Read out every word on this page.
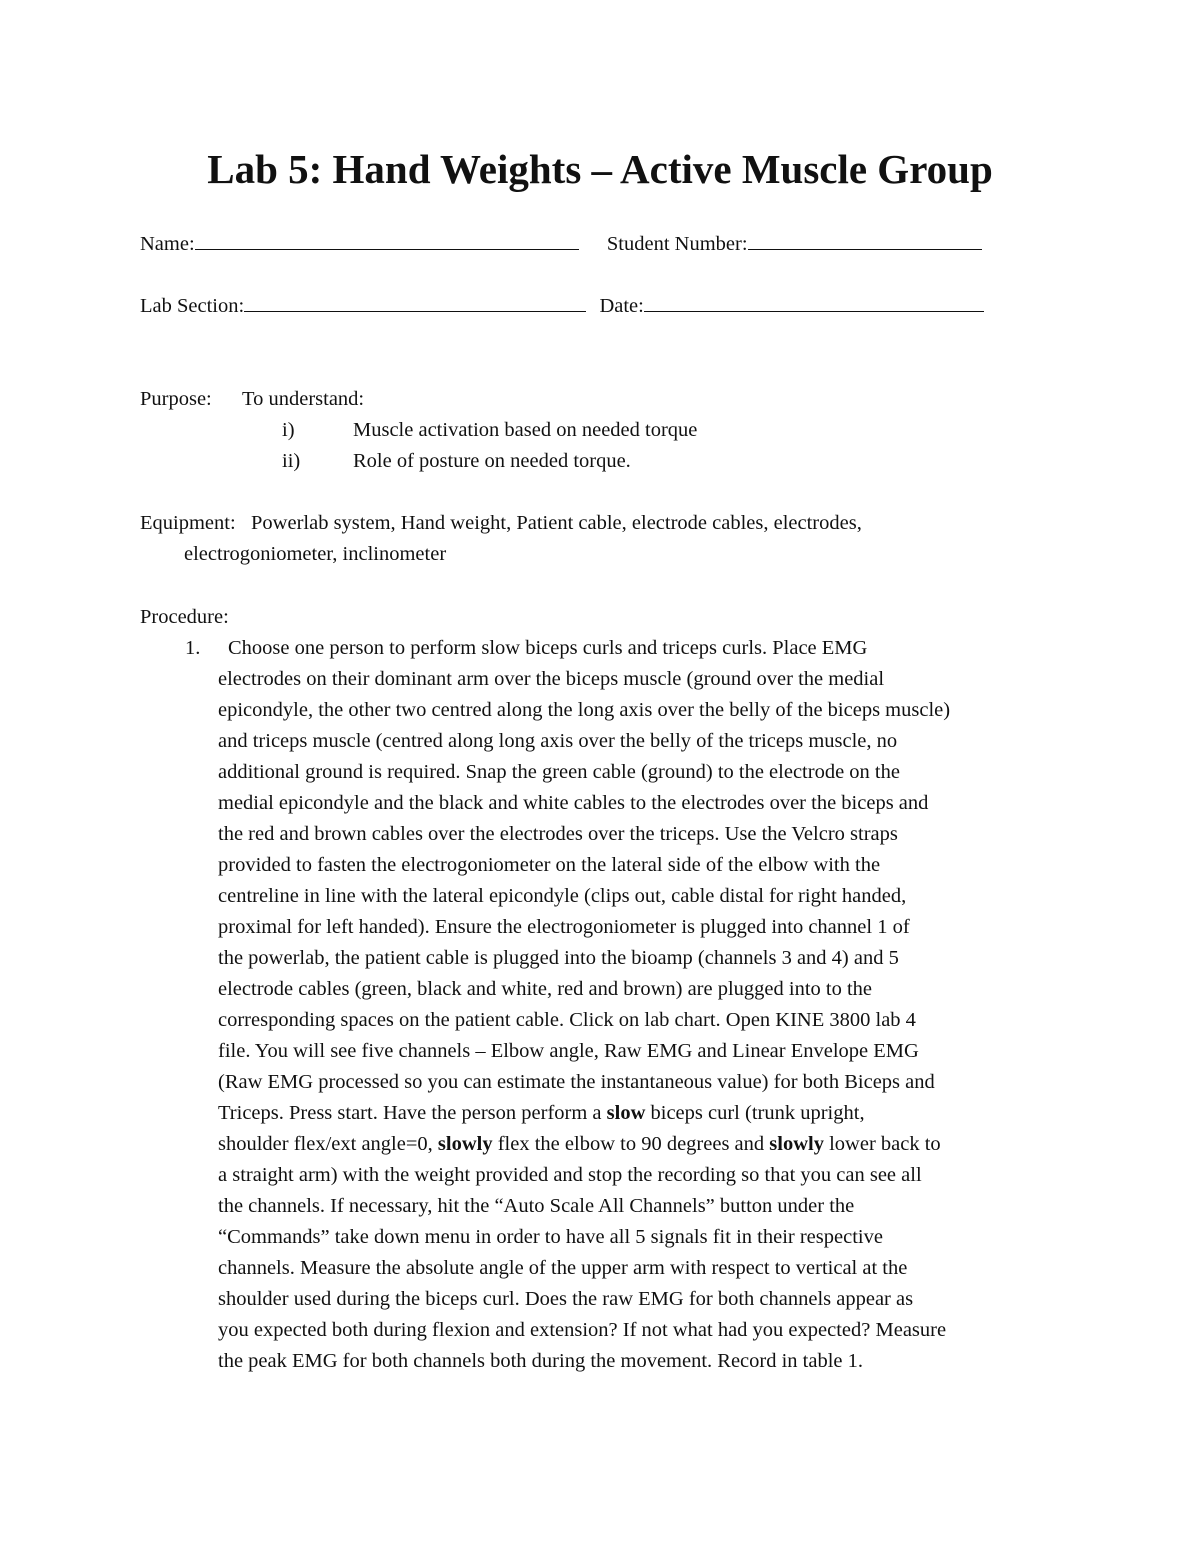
Lab 5: Hand Weights – Active Muscle Group
Name:	Student Number:
Lab Section:	Date:
Purpose: To understand:
i)	Muscle activation based on needed torque
ii)	Role of posture on needed torque.
Equipment: Powerlab system, Hand weight, Patient cable, electrode cables, electrodes,
electrogoniometer, inclinometer
Procedure:
1. Choose one person to perform slow biceps curls and triceps curls. Place EMG
electrodes on their dominant arm over the biceps muscle (ground over the medial
epicondyle, the other two centred along the long axis over the belly of the biceps muscle)
and triceps muscle (centred along long axis over the belly of the triceps muscle, no
additional ground is required. Snap the green cable (ground) to the electrode on the
medial epicondyle and the black and white cables to the electrodes over the biceps and
the red and brown cables over the electrodes over the triceps. Use the Velcro straps
provided to fasten the electrogoniometer on the lateral side of the elbow with the
centreline in line with the lateral epicondyle (clips out, cable distal for right handed,
proximal for left handed). Ensure the electrogoniometer is plugged into channel 1 of
the powerlab, the patient cable is plugged into the bioamp (channels 3 and 4) and 5
electrode cables (green, black and white, red and brown) are plugged into to the
corresponding spaces on the patient cable. Click on lab chart. Open KINE 3800 lab 4
file. You will see five channels – Elbow angle, Raw EMG and Linear Envelope EMG
(Raw EMG processed so you can estimate the instantaneous value) for both Biceps and
Triceps. Press start. Have the person perform a slow biceps curl (trunk upright,
shoulder flex/ext angle=0, slowly flex the elbow to 90 degrees and slowly lower back to
a straight arm) with the weight provided and stop the recording so that you can see all
the channels. If necessary, hit the “Auto Scale All Channels” button under the
“Commands” take down menu in order to have all 5 signals fit in their respective
channels. Measure the absolute angle of the upper arm with respect to vertical at the
shoulder used during the biceps curl. Does the raw EMG for both channels appear as
you expected both during flexion and extension? If not what had you expected? Measure
the peak EMG for both channels both during the movement. Record in table 1.
